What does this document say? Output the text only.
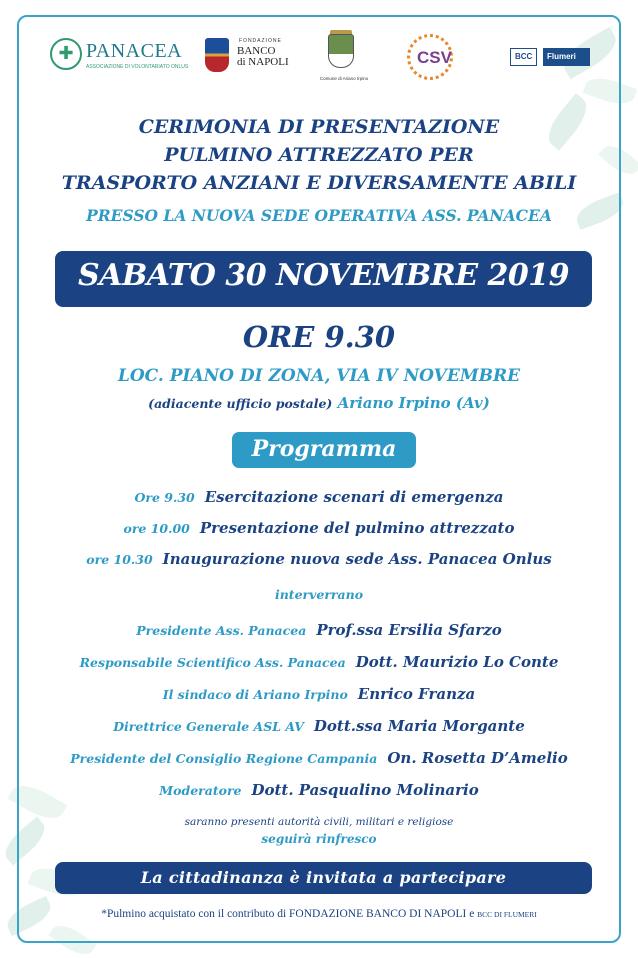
✚ PANACEA
ASSOCIAZIONE DI VOLONTARIATO ONLUS
FONDAZIONE
BANCO
di NAPOLI
Comune di Ariano Irpino
CSV	BCC	Flumeri
CERIMONIA DI PRESENTAZIONE
PULMINO ATTREZZATO PER
TRASPORTO ANZIANI E DIVERSAMENTE ABILI
PRESSO LA NUOVA SEDE OPERATIVA ASS. PANACEA
SABATO 30 NOVEMBRE 2019
ORE 9.30
LOC. PIANO DI ZONA, VIA IV NOVEMBRE
(adiacente ufficio postale) Ariano Irpino (Av)
Programma
Ore 9.30 Esercitazione scenari di emergenza
ore 10.00 Presentazione del pulmino attrezzato
ore 10.30 Inaugurazione nuova sede Ass. Panacea Onlus
interverrano
Presidente Ass. Panacea Prof.ssa Ersilia Sfarzo
Responsabile Scientifico Ass. Panacea Dott. Maurizio Lo Conte
Il sindaco di Ariano Irpino Enrico Franza
Direttrice Generale ASL AV Dott.ssa Maria Morgante
Presidente del Consiglio Regione Campania On. Rosetta D’Amelio
Moderatore Dott. Pasqualino Molinario
saranno presenti autorità civili, militari e religiose
seguirà rinfresco
La cittadinanza è invitata a partecipare
*Pulmino acquistato con il contributo di FONDAZIONE BANCO DI NAPOLI e BCC DI FLUMERI
